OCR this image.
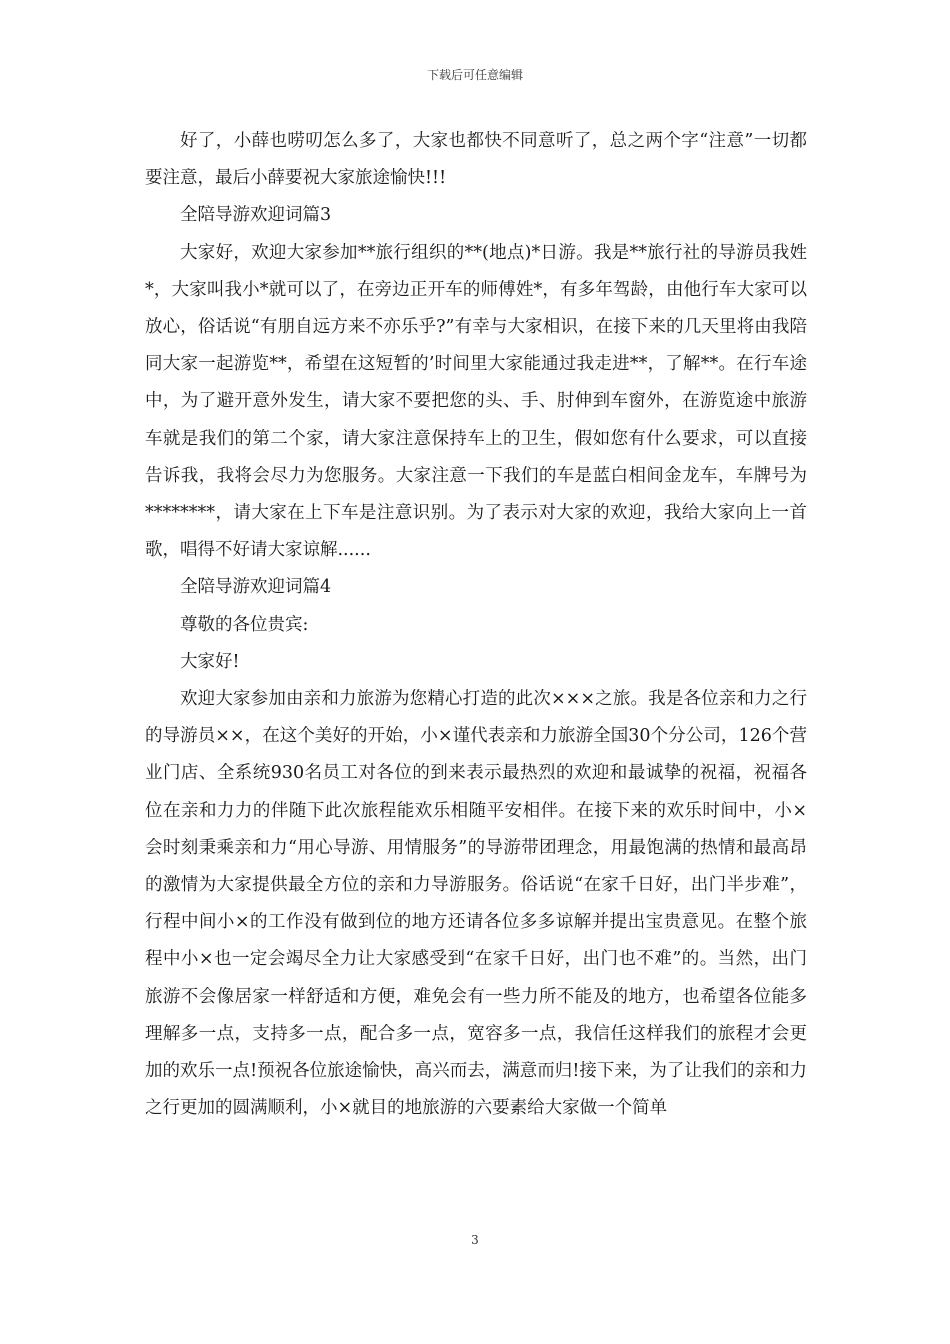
下载后可任意编辑

好了，小薛也唠叨怎么多了，大家也都快不同意听了，总之两个字“注意”一切都要注意，最后小薛要祝大家旅途愉快!!!

全陪导游欢迎词篇3

大家好，欢迎大家参加**旅行组织的**(地点)*日游。我是**旅行社的导游员我姓*，大家叫我小*就可以了，在旁边正开车的师傅姓*，有多年驾龄，由他行车大家可以放心，俗话说“有朋自远方来不亦乐乎?”有幸与大家相识，在接下来的几天里将由我陪同大家一起游览**，希望在这短暂的’时间里大家能通过我走进**，了解**。在行车途中，为了避开意外发生，请大家不要把您的头、手、肘伸到车窗外，在游览途中旅游车就是我们的第二个家，请大家注意保持车上的卫生，假如您有什么要求，可以直接告诉我，我将会尽力为您服务。大家注意一下我们的车是蓝白相间金龙车，车牌号为********，请大家在上下车是注意识别。为了表示对大家的欢迎，我给大家向上一首歌，唱得不好请大家谅解......

全陪导游欢迎词篇4

尊敬的各位贵宾:

大家好!

欢迎大家参加由亲和力旅游为您精心打造的此次×××之旅。我是各位亲和力之行的导游员××，在这个美好的开始，小×谨代表亲和力旅游全国30个分公司，126个营业门店、全系统930名员工对各位的到来表示最热烈的欢迎和最诚挚的祝福，祝福各位在亲和力力的伴随下此次旅程能欢乐相随平安相伴。在接下来的欢乐时间中，小×会时刻秉乘亲和力“用心导游、用情服务”的导游带团理念，用最饱满的热情和最高昂的激情为大家提供最全方位的亲和力导游服务。俗话说“在家千日好，出门半步难”，行程中间小×的工作没有做到位的地方还请各位多多谅解并提出宝贵意见。在整个旅程中小×也一定会竭尽全力让大家感受到“在家千日好，出门也不难”的。当然，出门旅游不会像居家一样舒适和方便，难免会有一些力所不能及的地方，也希望各位能多理解多一点，支持多一点，配合多一点，宽容多一点，我信任这样我们的旅程才会更加的欢乐一点!预祝各位旅途愉快，高兴而去，满意而归!接下来，为了让我们的亲和力之行更加的圆满顺利，小×就目的地旅游的六要素给大家做一个简单

3
